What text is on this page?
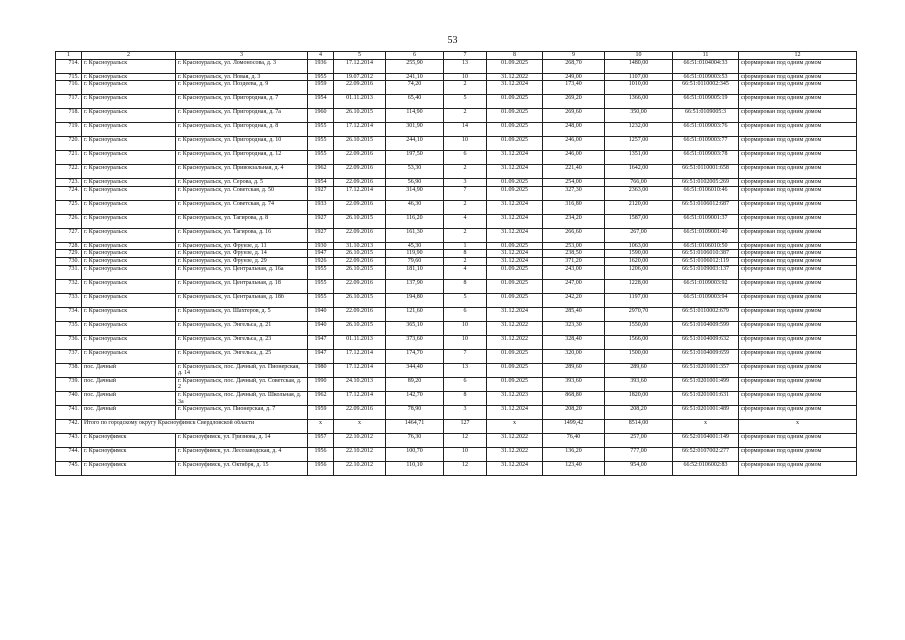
53
1	2	3	4	5	6	7	8	9	10	11	12
714.	г. Красноуральск	г. Красноуральск, ул. Ломоносова, д. 3	1936	17.12.2014	255,90	13	01.09.2025	268,70	1480,00	66:51:0104004:33	сформирован под одним домом
715.	г. Красноуральск	г. Красноуральск, ул. Новая, д. 3	1955	19.07.2012	241,10	10	31.12.2022	249,00	1107,00	66:51:0109003:53	сформирован под одним домом
716.	г. Красноуральск	г. Красноуральск, ул. Поздеева, д. 9	1959	22.09.2016	74,20	2	31.12.2024	173,40	1010,00	66:51:0110002:345	сформирован под одним домом
717.	г. Красноуральск	г. Красноуральск, ул. Пригородная, д. 7	1954	01.11.2013	65,40	5	01.09.2025	269,20	1366,00	66:51:0109005:19	сформирован под одним домом
718.	г. Красноуральск	г. Красноуральск, ул. Пригородная, д. 7а	1960	26.10.2015	114,90	2	01.09.2025	269,60	350,00	66:51:0109005:3	сформирован под одним домом
719.	г. Красноуральск	г. Красноуральск, ул. Пригородная, д. 8	1955	17.12.2014	301,90	14	01.09.2025	248,00	1232,00	66:51:0109003:76	сформирован под одним домом
720.	г. Красноуральск	г. Красноуральск, ул. Пригородная, д. 10	1955	26.10.2015	244,10	10	01.09.2025	246,00	1257,00	66:51:0109003:77	сформирован под одним домом
721.	г. Красноуральск	г. Красноуральск, ул. Пригородная, д. 12	1955	22.09.2016	197,50	6	31.12.2024	246,00	1351,00	66:51:0109003:78	сформирован под одним домом
722.	г. Красноуральск	г. Красноуральск, ул. Привокзальная, д. 4	1962	22.09.2016	53,30	2	31.12.2024	221,40	1642,00	66:51:0110001:658	сформирован под одним домом
723.	г. Красноуральск	г. Красноуральск, ул. Серова, д. 5	1954	22.09.2016	56,90	3	01.09.2025	254,00	766,00	66:51:0102005:269	сформирован под одним домом
724.	г. Красноуральск	г. Красноуральск, ул. Советская, д. 50	1927	17.12.2014	314,90	7	01.09.2025	327,30	2363,00	66:51:0106010:46	сформирован под одним домом
725.	г. Красноуральск	г. Красноуральск, ул. Советская, д. 74	1933	22.09.2016	46,30	2	31.12.2024	316,80	2120,00	66:51:0106012:687	сформирован под одним домом
726.	г. Красноуральск	г. Красноуральск, ул. Тагирова, д. 8	1927	26.10.2015	116,20	4	31.12.2024	234,20	1587,00	66:51:0109001:37	сформирован под одним домом
727.	г. Красноуральск	г. Красноуральск, ул. Тагирова, д. 16	1927	22.09.2016	161,30	2	31.12.2024	266,60	267,00	66:51:0109001:40	сформирован под одним домом
728.	г. Красноуральск	г. Красноуральск, ул. Фрунзе, д. 11	1930	31.10.2013	45,30	1	01.09.2025	253,00	1063,00	66:51:0106010:50	сформирован под одним домом
729.	г. Красноуральск	г. Красноуральск, ул. Фрунзе, д. 14	1947	26.10.2015	119,90	8	31.12.2024	238,50	1590,00	66:51:0106010:387	сформирован под одним домом
730.	г. Красноуральск	г. Красноуральск, ул. Фрунзе, д. 29	1926	22.09.2016	79,60	2	31.12.2024	371,20	1620,00	66:51:0106012:119	сформирован под одним домом
731.	г. Красноуральск	г. Красноуральск, ул. Центральная, д. 16а	1955	26.10.2015	181,10	4	01.09.2025	243,00	1206,00	66:51:0109003:137	сформирован под одним домом
732.	г. Красноуральск	г. Красноуральск, ул. Центральная, д. 18	1955	22.09.2016	137,90	8	01.09.2025	247,00	1228,00	66:51:0109003:92	сформирован под одним домом
733.	г. Красноуральск	г. Красноуральск, ул. Центральная, д. 18б	1955	26.10.2015	194,80	5	01.09.2025	242,20	1197,00	66:51:0109003:94	сформирован под одним домом
734.	г. Красноуральск	г. Красноуральск, ул. Шахтеров, д. 5	1940	22.09.2016	121,60	6	31.12.2024	285,40	2970,70	66:51:0110002:679	сформирован под одним домом
735.	г. Красноуральск	г. Красноуральск, ул. Энгельса, д. 21	1940	26.10.2015	365,10	10	31.12.2022	323,30	1550,00	66:51:0104009:599	сформирован под одним домом
736.	г. Красноуральск	г. Красноуральск, ул. Энгельса, д. 23	1947	01.11.2013	373,60	10	31.12.2022	328,40	1566,00	66:51:0104009:632	сформирован под одним домом
737.	г. Красноуральск	г. Красноуральск, ул. Энгельса, д. 25	1947	17.12.2014	174,70	7	01.09.2025	320,00	1500,00	66:51:0104009:659	сформирован под одним домом
738.	пос. Дачный	г. Красноуральск, пос. Дачный, ул. Пионерская, д. 14	1980	17.12.2014	344,40	13	01.09.2025	289,60	289,60	66:51:0201001:357	сформирован под одним домом
739.	пос. Дачный	г. Красноуральск, пос. Дачный, ул. Советская, д. 2	1990	24.10.2013	89,20	6	01.09.2025	393,60	393,60	66:51:0201001:499	сформирован под одним домом
740.	пос. Дачный	г. Красноуральск, пос. Дачный, ул. Школьная, д. 3а	1962	17.12.2014	142,70	8	31.12.2023	868,80	1820,00	66:51:0201001:631	сформирован под одним домом
741.	пос. Дачный	г. Красноуральск, ул. Пионерская, д. 7	1959	22.09.2016	78,90	3	31.12.2024	208,20	208,20	66:51:0201001:489	сформирован под одним домом
742.	Итого по городскому округу Красноуфимск Свердловской области		x	x	1464,71	127	x	1499,42	8514,00	x	x
743.	г. Красноуфимск	г. Красноуфимск, ул. Гризнова, д. 14	1957	22.10.2012	76,30	12	31.12.2022	76,40	257,00	66:52:0104001:149	сформирован под одним домом
744.	г. Красноуфимск	г. Красноуфимск, ул. Лесозаводская, д. 4	1956	22.10.2012	100,70	10	31.12.2022	136,20	777,00	66:52:0107002:277	сформирован под одним домом
745.	г. Красноуфимск	г. Красноуфимск, ул. Октября, д. 15	1956	22.10.2012	110,10	12	31.12.2024	123,40	954,00	66:52:0106002:83	сформирован под одним домом
